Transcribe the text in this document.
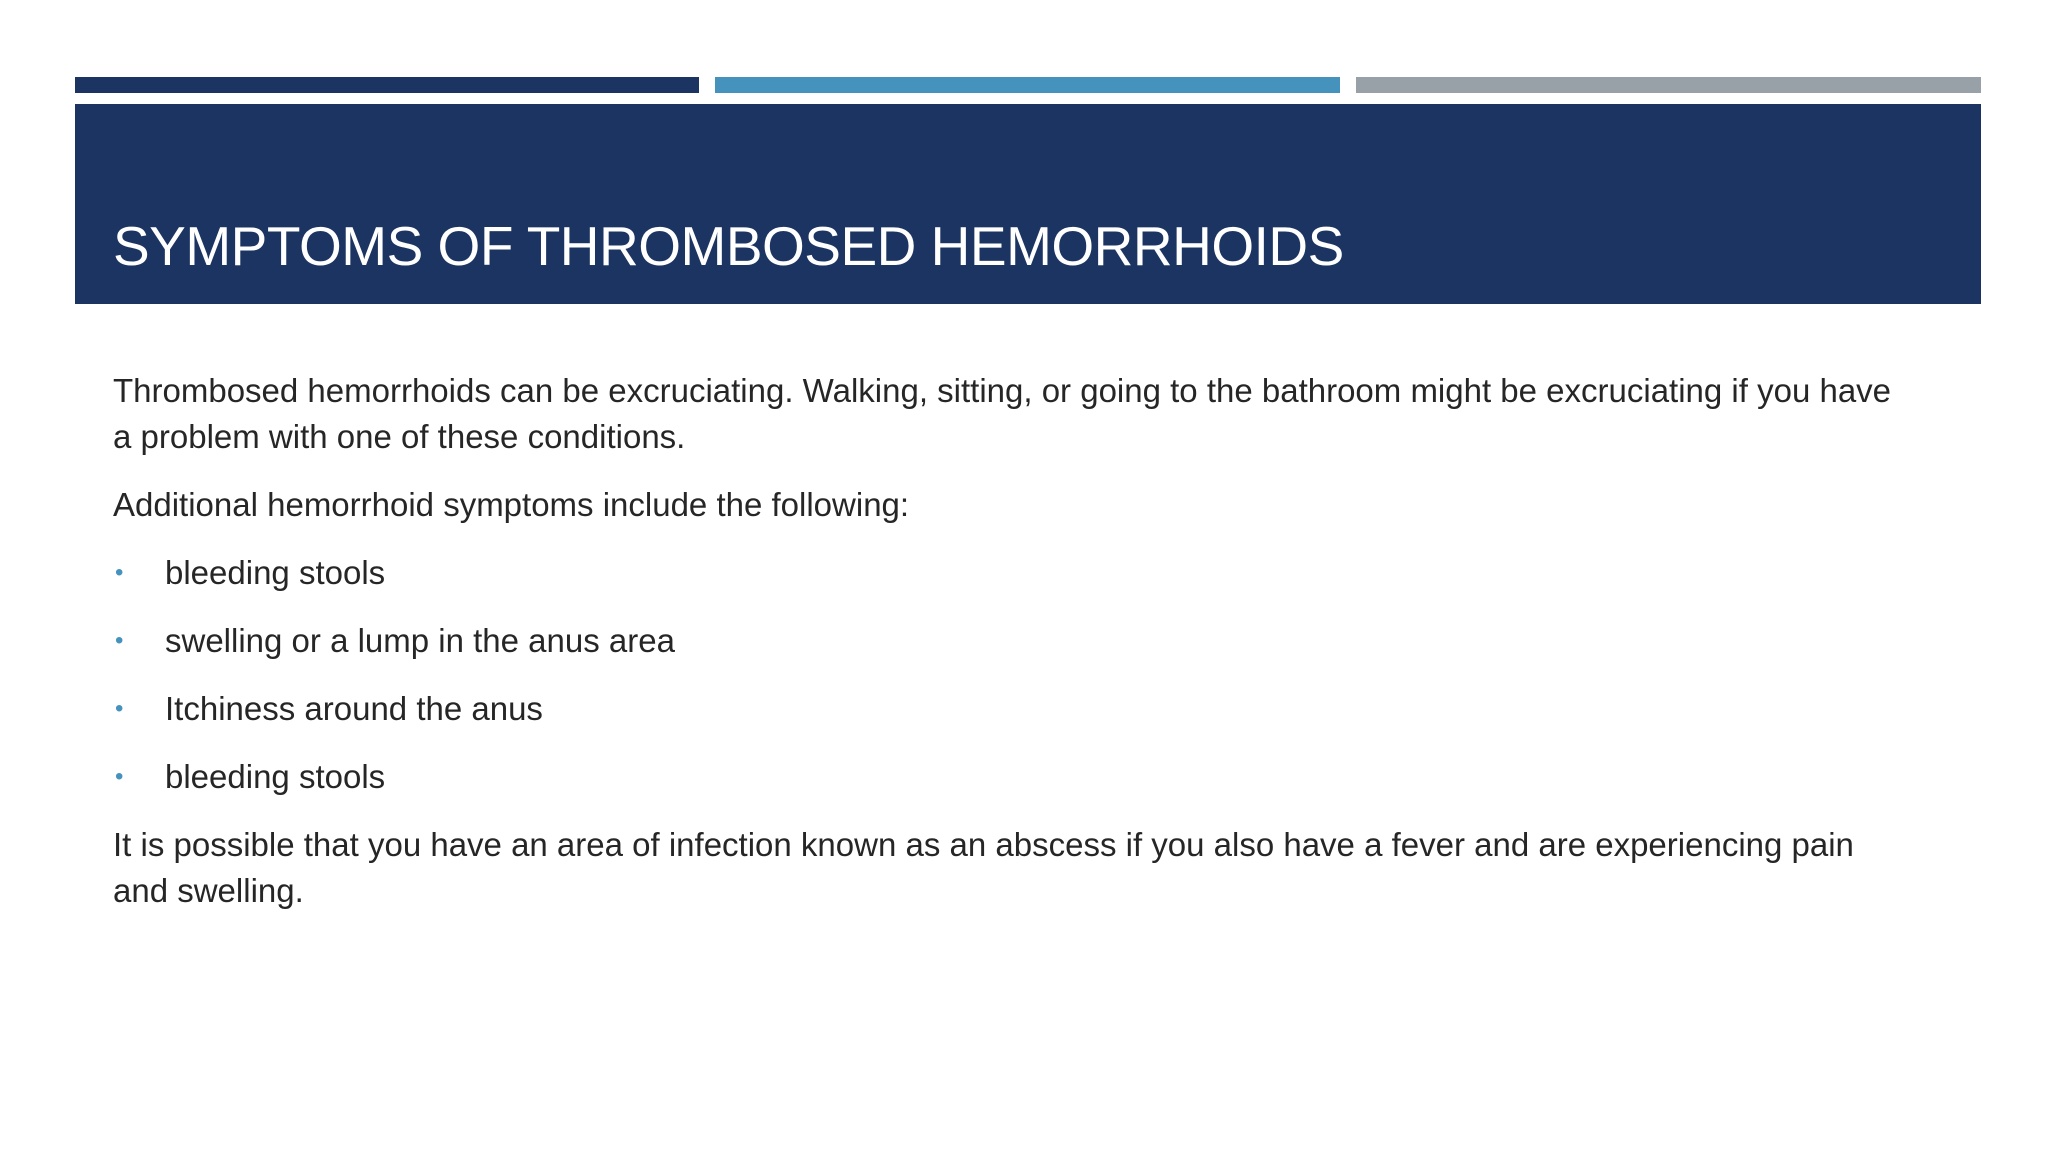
SYMPTOMS OF THROMBOSED HEMORRHOIDS

Thrombosed hemorrhoids can be excruciating. Walking, sitting, or going to the bathroom might be excruciating if you have a problem with one of these conditions.

Additional hemorrhoid symptoms include the following:

• bleeding stools
• swelling or a lump in the anus area
• Itchiness around the anus
• bleeding stools

It is possible that you have an area of infection known as an abscess if you also have a fever and are experiencing pain and swelling.
